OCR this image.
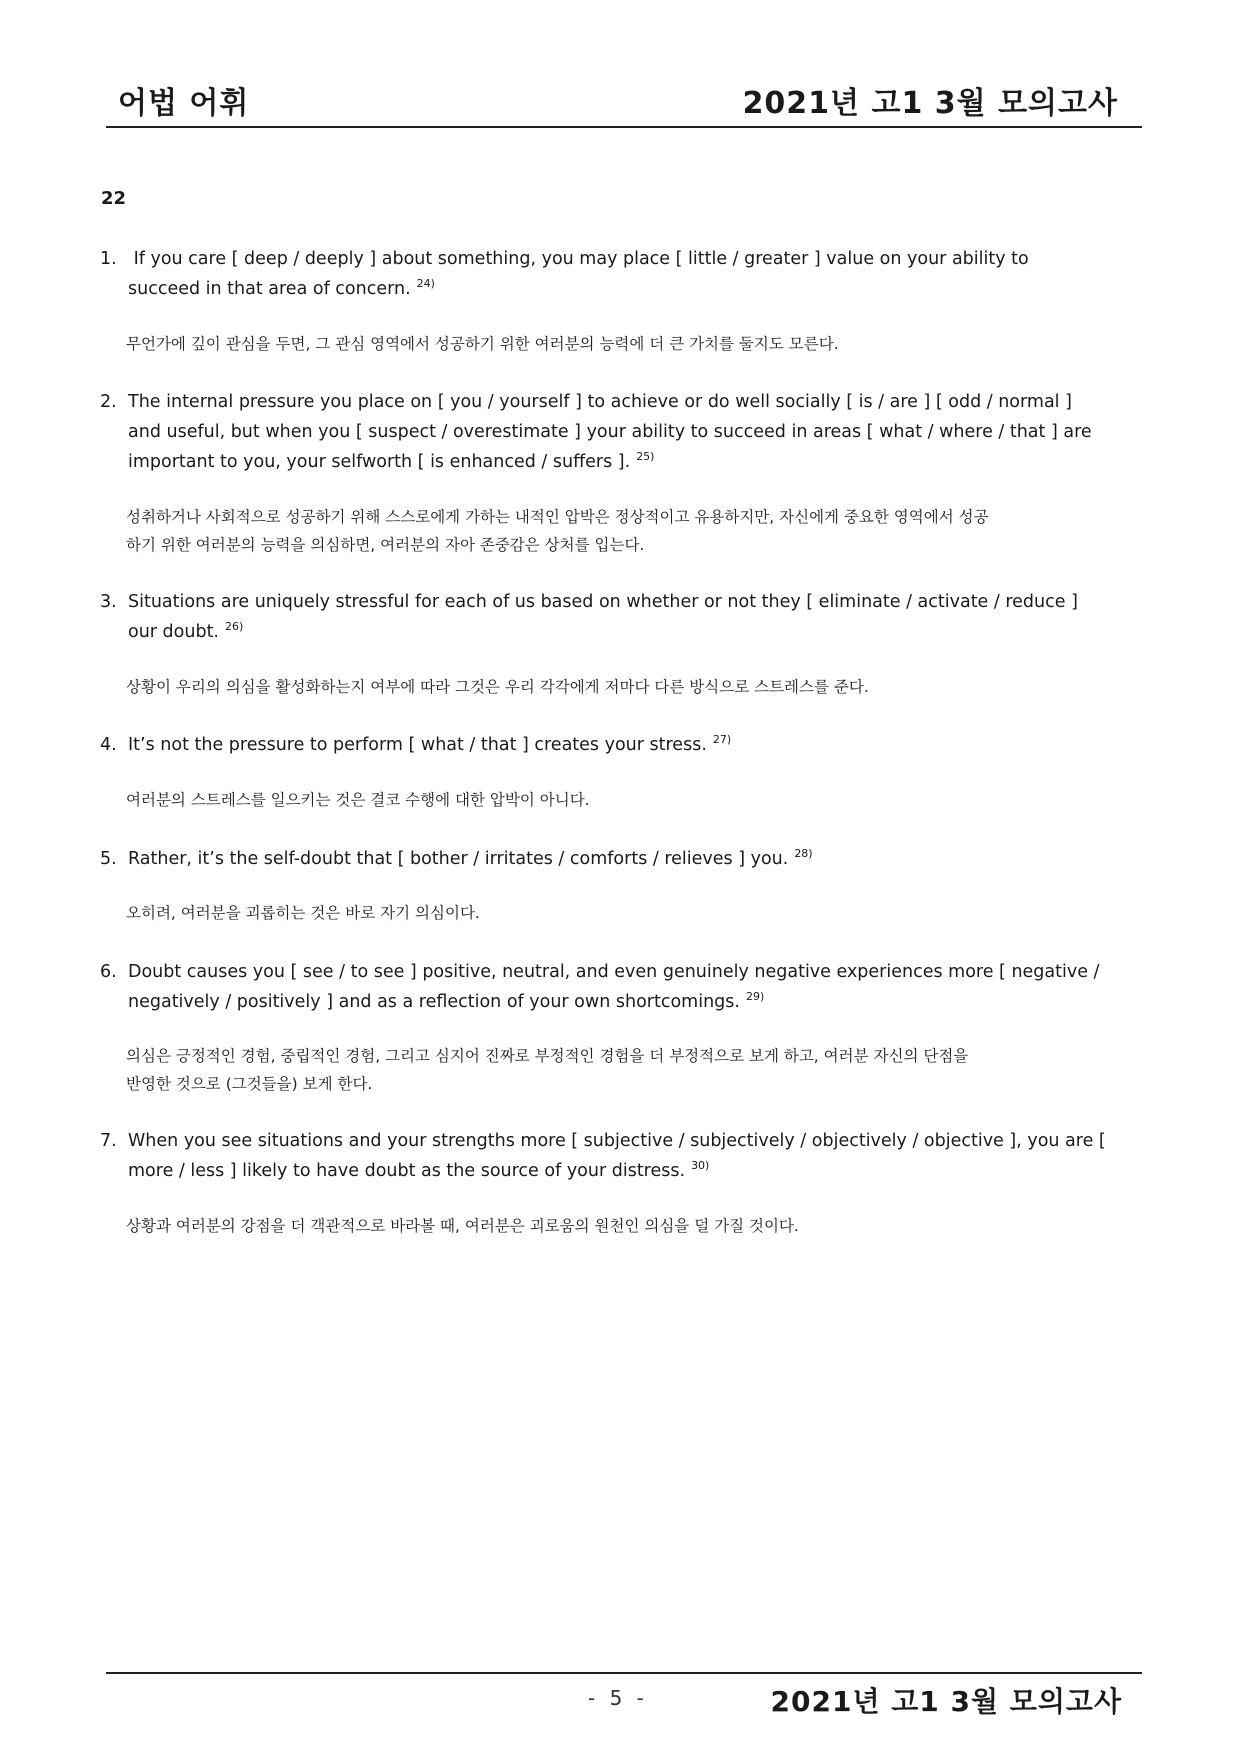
어법 어휘	2021년 고1 3월 모의고사
22
1. If you care [ deep / deeply ] about something, you may place [ little / greater ] value on your ability to
succeed in that area of concern. $^{24)}$
무언가에 깊이 관심을 두면, 그 관심 영역에서 성공하기 위한 여러분의 능력에 더 큰 가치를 둘지도 모른다.
2. The internal pressure you place on [ you / yourself ] to achieve or do well socially [ is / are ] [ odd / normal ]
and useful, but when you [ suspect / overestimate ] your ability to succeed in areas [ what / where / that ] are
important to you, your selfworth [ is enhanced / suffers ]. $^{25)}$
성취하거나 사회적으로 성공하기 위해 스스로에게 가하는 내적인 압박은 정상적이고 유용하지만, 자신에게 중요한 영역에서 성공
하기 위한 여러분의 능력을 의심하면, 여러분의 자아 존중감은 상처를 입는다.
3. Situations are uniquely stressful for each of us based on whether or not they [ eliminate / activate / reduce ]
our doubt. $^{26)}$
상황이 우리의 의심을 활성화하는지 여부에 따라 그것은 우리 각각에게 저마다 다른 방식으로 스트레스를 준다.
4. It’s not the pressure to perform [ what / that ] creates your stress. $^{27)}$
여러분의 스트레스를 일으키는 것은 결코 수행에 대한 압박이 아니다.
5. Rather, it’s the self-doubt that [ bother / irritates / comforts / relieves ] you. $^{28)}$
오히려, 여러분을 괴롭히는 것은 바로 자기 의심이다.
6. Doubt causes you [ see / to see ] positive, neutral, and even genuinely negative experiences more [ negative /
negatively / positively ] and as a reflection of your own shortcomings. $^{29)}$
의심은 긍정적인 경험, 중립적인 경험, 그리고 심지어 진짜로 부정적인 경험을 더 부정적으로 보게 하고, 여러분 자신의 단점을
반영한 것으로 (그것들을) 보게 한다.
7. When you see situations and your strengths more [ subjective / subjectively / objectively / objective ], you are [
more / less ] likely to have doubt as the source of your distress. $^{30)}$
상황과 여러분의 강점을 더 객관적으로 바라볼 때, 여러분은 괴로움의 원천인 의심을 덜 가질 것이다.
- 5 -	2021년 고1 3월 모의고사
